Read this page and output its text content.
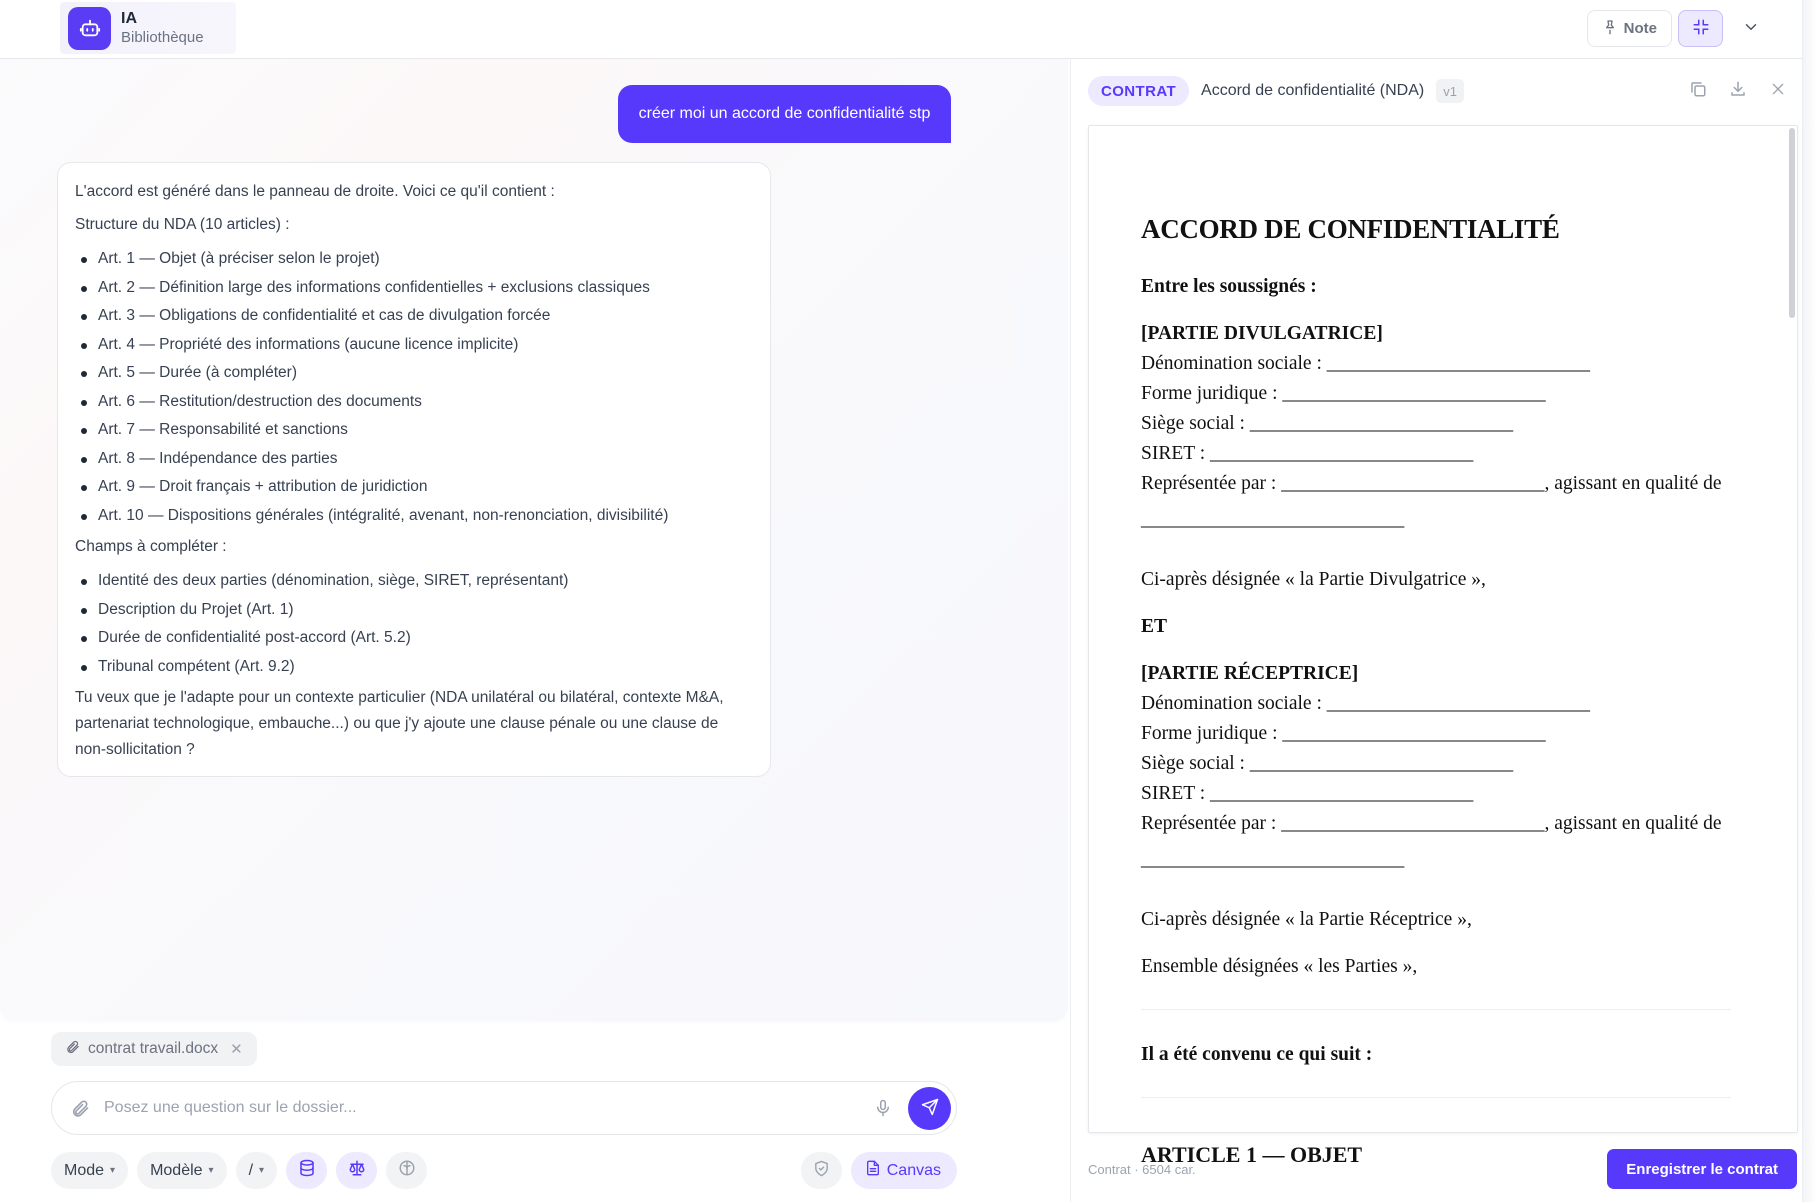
IA
Bibliothèque
Note
créer moi un accord de confidentialité stp

L'accord est généré dans le panneau de droite. Voici ce qu'il contient :

Structure du NDA (10 articles) :

Art. 1 — Objet (à préciser selon le projet)
Art. 2 — Définition large des informations confidentielles + exclusions classiques
Art. 3 — Obligations de confidentialité et cas de divulgation forcée
Art. 4 — Propriété des informations (aucune licence implicite)
Art. 5 — Durée (à compléter)
Art. 6 — Restitution/destruction des documents
Art. 7 — Responsabilité et sanctions
Art. 8 — Indépendance des parties
Art. 9 — Droit français + attribution de juridiction
Art. 10 — Dispositions générales (intégralité, avenant, non-renonciation, divisibilité)

Champs à compléter :

Identité des deux parties (dénomination, siège, SIRET, représentant)
Description du Projet (Art. 1)
Durée de confidentialité post-accord (Art. 5.2)
Tribunal compétent (Art. 9.2)

Tu veux que je l'adapte pour un contexte particulier (NDA unilatéral ou bilatéral, contexte M&A, partenariat technologique, embauche...) ou que j'y ajoute une clause pénale ou une clause de non-sollicitation ?

contrat travail.docx ✕
Posez une question sur le dossier...
Mode ▾ Modèle ▾ / ▾	Canvas
CONTRAT	Accord de confidentialité (NDA)	v1
ACCORD DE CONFIDENTIALITÉ
Entre les soussignés :
[PARTIE DIVULGATRICE]
Dénomination sociale : ___________________________
Forme juridique : ___________________________
Siège social : ___________________________
SIRET : ___________________________
Représentée par : ___________________________, agissant en qualité de
___________________________
Ci-après désignée « la Partie Divulgatrice »,
ET
[PARTIE RÉCEPTRICE]
Dénomination sociale : ___________________________
Forme juridique : ___________________________
Siège social : ___________________________
SIRET : ___________________________
Représentée par : ___________________________, agissant en qualité de
___________________________
Ci-après désignée « la Partie Réceptrice »,
Ensemble désignées « les Parties »,
Il a été convenu ce qui suit :
ARTICLE 1 — OBJET
Contrat · 6504 car.	Enregistrer le contrat
